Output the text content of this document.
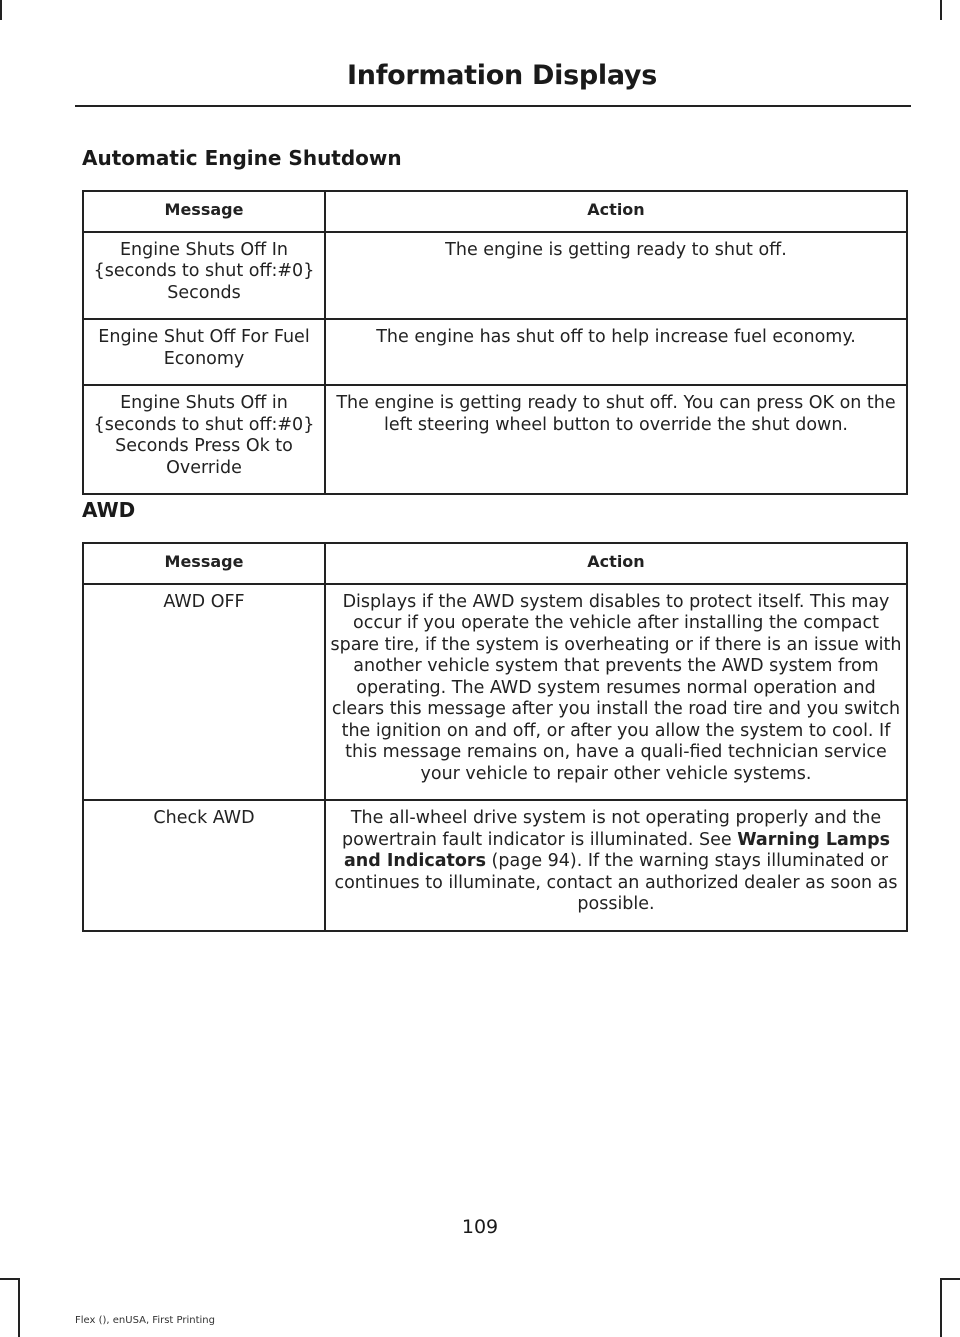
Information Displays
Automatic Engine Shutdown
Message	Action
Engine Shuts Off In {seconds to shut off:#0} Seconds	The engine is getting ready to shut off.
Engine Shut Off For Fuel Economy	The engine has shut off to help increase fuel economy.
Engine Shuts Off in {seconds to shut off:#0} Seconds Press Ok to Override	The engine is getting ready to shut off. You can press OK on the left steering wheel button to override the shut down.
AWD
Message	Action
AWD OFF	Displays if the AWD system disables to protect itself. This may occur if you operate the vehicle after installing the compact spare tire, if the system is overheating or if there is an issue with another vehicle system that prevents the AWD system from operating. The AWD system resumes normal operation and clears this message after you install the road tire and you switch the ignition on and off, or after you allow the system to cool. If this message remains on, have a quali-fied technician service your vehicle to repair other vehicle systems.
Check AWD	The all-wheel drive system is not operating properly and the powertrain fault indicator is illuminated. See Warning Lamps and Indicators (page 94). If the warning stays illuminated or continues to illuminate, contact an authorized dealer as soon as possible.
109
Flex (), enUSA, First Printing
